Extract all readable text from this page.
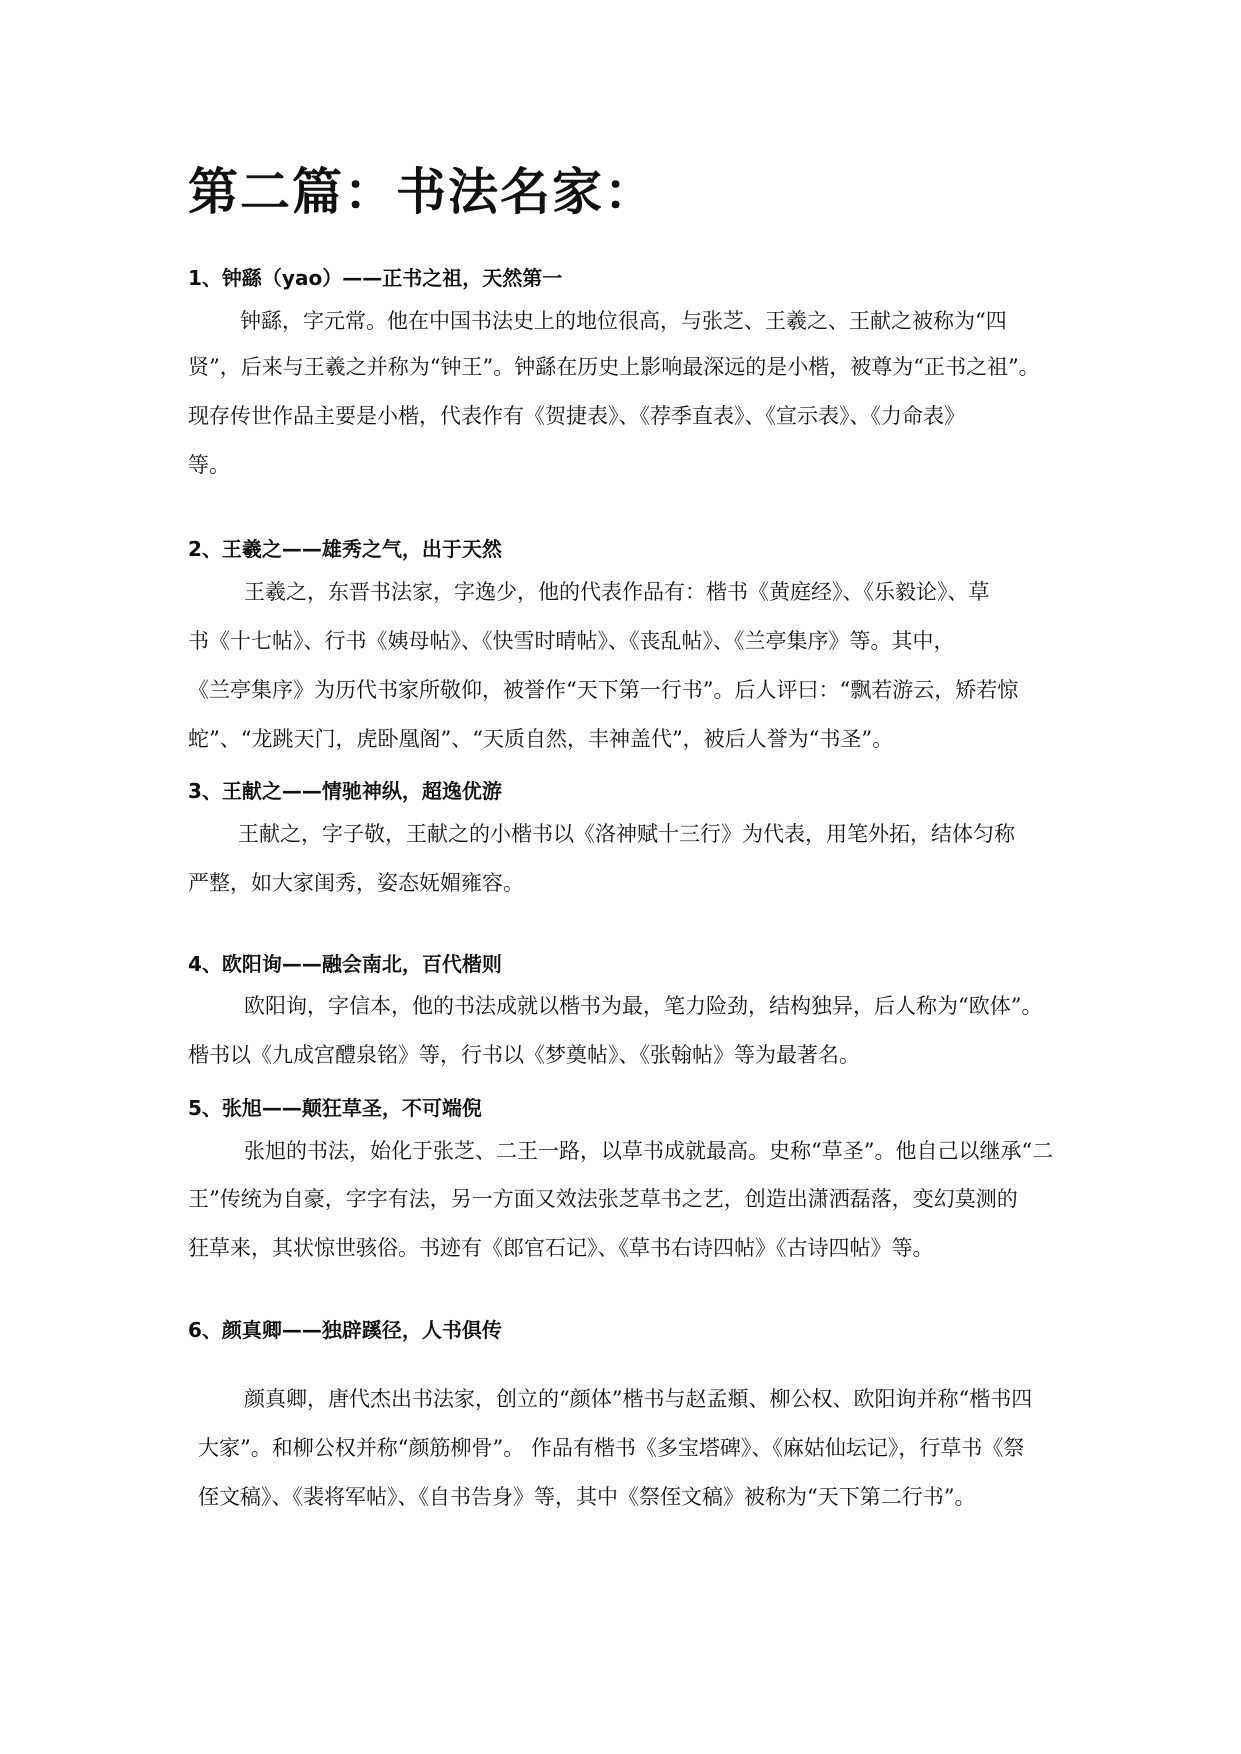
第二篇：书法名家：
1、钟繇（yao）——正书之祖，天然第一

钟繇，字元常。他在中国书法史上的地位很高，与张芝、王羲之、王献之被称为“四

贤”，后来与王羲之并称为“钟王”。钟繇在历史上影响最深远的是小楷，被尊为“正书之祖”。

现存传世作品主要是小楷，代表作有《贺捷表》、《荐季直表》、《宣示表》、《力命表》

等。

2、王羲之——雄秀之气，出于天然

王羲之，东晋书法家，字逸少，他的代表作品有：楷书《黄庭经》、《乐毅论》、草

书《十七帖》、行书《姨母帖》、《快雪时晴帖》、《丧乱帖》、《兰亭集序》等。其中，

《兰亭集序》为历代书家所敬仰，被誉作“天下第一行书”。后人评曰：“飘若游云，矫若惊

蛇”、“龙跳天门，虎卧凰阁”、“天质自然，丰神盖代”，被后人誉为“书圣”。

3、王献之——情驰神纵，超逸优游

王献之，字子敬，王献之的小楷书以《洛神赋十三行》为代表，用笔外拓，结体匀称

严整，如大家闺秀，姿态妩媚雍容。

4、欧阳询——融会南北，百代楷则

欧阳询，字信本，他的书法成就以楷书为最，笔力险劲，结构独异，后人称为“欧体”。

楷书以《九成宫醴泉铭》等，行书以《梦奠帖》、《张翰帖》等为最著名。

5、张旭——颠狂草圣，不可端倪

张旭的书法，始化于张芝、二王一路，以草书成就最高。史称“草圣”。他自己以继承“二

王”传统为自豪，字字有法，另一方面又效法张芝草书之艺，创造出潇洒磊落，变幻莫测的

狂草来，其状惊世骇俗。书迹有《郎官石记》、《草书右诗四帖》《古诗四帖》等。

6、颜真卿——独辟蹊径，人书俱传

颜真卿，唐代杰出书法家，创立的“颜体”楷书与赵孟頫、柳公权、欧阳询并称“楷书四

大家”。和柳公权并称“颜筋柳骨”。 作品有楷书《多宝塔碑》、《麻姑仙坛记》，行草书《祭

侄文稿》、《裴将军帖》、《自书告身》等，其中《祭侄文稿》被称为“天下第二行书”。
